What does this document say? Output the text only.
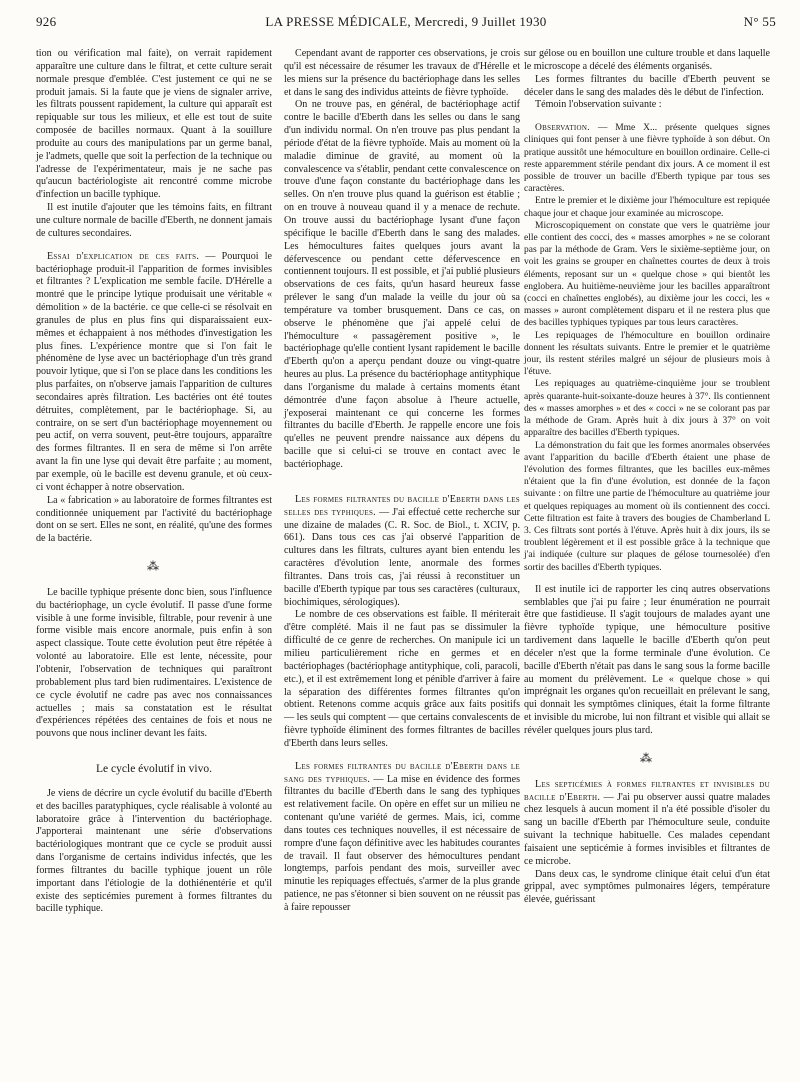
926	LA PRESSE MÉDICALE, Mercredi, 9 Juillet 1930	N° 55

tion ou vérification mal faite), on verrait rapidement apparaître une culture dans le filtrat, et cette culture serait normale presque d'emblée. C'est justement ce qui ne se produit jamais. Si la faute que je viens de signaler arrive, les filtrats poussent rapidement, la culture qui apparaît est repiquable sur tous les milieux, et elle est tout de suite composée de bacilles normaux. Quant à la souillure produite au cours des manipulations par un germe banal, je l'admets, quelle que soit la perfection de la technique ou l'adresse de l'expérimentateur, mais je ne sache pas qu'aucun bactériologiste ait rencontré comme microbe d'infection un bacille typhique.

Il est inutile d'ajouter que les témoins faits, en filtrant une culture normale de bacille d'Eberth, ne donnent jamais de cultures secondaires.

Essai d'explication de ces faits. — Pourquoi le bactériophage produit-il l'apparition de formes invisibles et filtrantes ? L'explication me semble facile. D'Hérelle a montré que le principe lytique produisait une véritable « démolition » de la bactérie. ce que celle-ci se résolvait en granules de plus en plus fins qui disparaissaient eux-mêmes et échappaient à nos méthodes d'investigation les plus fines. L'expérience montre que si l'on fait le phénomène de lyse avec un bactériophage d'un très grand pouvoir lytique, que si l'on se place dans les conditions les plus parfaites, on n'observe jamais l'apparition de cultures secondaires après filtration. Les bactéries ont été toutes détruites, complètement, par le bactériophage. Si, au contraire, on se sert d'un bactériophage moyennement ou peu actif, on verra souvent, peut-être toujours, apparaître des formes filtrantes. Il en sera de même si l'on arrête avant la fin une lyse qui devait être parfaite ; au moment, par exemple, où le bacille est devenu granule, et où ceux-ci vont échapper à notre observation.

La « fabrication » au laboratoire de formes filtrantes est conditionnée uniquement par l'activité du bactériophage dont on se sert. Elles ne sont, en réalité, qu'une des formes de la bactérie.

⁂

Le bacille typhique présente donc bien, sous l'influence du bactériophage, un cycle évolutif. Il passe d'une forme visible à une forme invisible, filtrable, pour revenir à une forme visible mais encore anormale, puis enfin à son aspect classique. Toute cette évolution peut être répétée à volonté au laboratoire. Elle est lente, nécessite, pour l'obtenir, l'observation de techniques qui paraîtront probablement plus tard bien rudimentaires. L'existence de ce cycle évolutif ne cadre pas avec nos connaissances actuelles ; mais sa constatation est le résultat d'expériences répétées des centaines de fois et nous ne pouvons que nous incliner devant les faits.

Le cycle évolutif in vivo.

Je viens de décrire un cycle évolutif du bacille d'Eberth et des bacilles paratyphiques, cycle réalisable à volonté au laboratoire grâce à l'intervention du bactériophage. J'apporterai maintenant une série d'observations bactériologiques montrant que ce cycle se produit aussi dans l'organisme de certains individus infectés, que les formes filtrantes du bacille typhique jouent un rôle important dans l'étiologie de la dothiénentérie et qu'il existe des septicémies purement à formes filtrantes du bacille typhique.

Cependant avant de rapporter ces observations, je crois qu'il est nécessaire de résumer les travaux de d'Hérelle et les miens sur la présence du bactériophage dans les selles et dans le sang des individus atteints de fièvre typhoïde.

On ne trouve pas, en général, de bactériophage actif contre le bacille d'Eberth dans les selles ou dans le sang d'un individu normal. On n'en trouve pas plus pendant la période d'état de la fièvre typhoïde. Mais au moment où la maladie diminue de gravité, au moment où la convalescence va s'établir, pendant cette convalescence on trouve d'une façon constante du bactériophage dans les selles. On n'en trouve plus quand la guérison est établie ; on en trouve à nouveau quand il y a menace de rechute. On trouve aussi du bactériophage lysant d'une façon spécifique le bacille d'Eberth dans le sang des malades. Les hémocultures faites quelques jours avant la défervescence ou pendant cette défervescence en contiennent toujours. Il est possible, et j'ai publié plusieurs observations de ces faits, qu'un hasard heureux fasse prélever le sang d'un malade la veille du jour où sa température va tomber brusquement. Dans ce cas, on observe le phénomène que j'ai appelé celui de l'hémoculture « passagèrement positive », le bactériophage qu'elle contient lysant rapidement le bacille d'Eberth qu'on a aperçu pendant douze ou vingt-quatre heures au plus. La présence du bactériophage antityphique dans l'organisme du malade à certains moments étant démontrée d'une façon absolue à l'heure actuelle, j'exposerai maintenant ce qui concerne les formes filtrantes du bacille d'Eberth. Je rappelle encore une fois qu'elles ne peuvent prendre naissance aux dépens du bacille que si celui-ci se trouve en contact avec le bactériophage.

Les formes filtrantes du bacille d'Eberth dans les selles des typhiques. — J'ai effectué cette recherche sur une dizaine de malades (C. R. Soc. de Biol., t. XCIV, p. 661). Dans tous ces cas j'ai observé l'apparition de cultures dans les filtrats, cultures ayant bien entendu les caractères d'évolution lente, anormale des formes filtrantes. Dans trois cas, j'ai réussi à reconstituer un bacille d'Eberth typique par tous ses caractères (culturaux, biochimiques, sérologiques).

Le nombre de ces observations est faible. Il mériterait d'être complété. Mais il ne faut pas se dissimuler la difficulté de ce genre de recherches. On manipule ici un milieu particulièrement riche en germes et en bactériophages (bactériophage antityphique, coli, paracoli, etc.), et il est extrêmement long et pénible d'arriver à faire la séparation des différentes formes filtrantes qu'on obtient. Retenons comme acquis grâce aux faits positifs — les seuls qui comptent — que certains convalescents de fièvre typhoïde éliminent des formes filtrantes de bacilles d'Eberth dans leurs selles.

Les formes filtrantes du bacille d'Eberth dans le sang des typhiques. — La mise en évidence des formes filtrantes du bacille d'Eberth dans le sang des typhiques est relativement facile. On opère en effet sur un milieu ne contenant qu'une variété de germes. Mais, ici, comme dans toutes ces techniques nouvelles, il est nécessaire de rompre d'une façon définitive avec les habitudes courantes de travail. Il faut observer des hémocultures pendant longtemps, parfois pendant des mois, surveiller avec minutie les repiquages effectués, s'armer de la plus grande patience, ne pas s'étonner si bien souvent on ne réussit pas à faire repousser

sur gélose ou en bouillon une culture trouble et dans laquelle le microscope a décelé des éléments organisés.

Les formes filtrantes du bacille d'Eberth peuvent se déceler dans le sang des malades dès le début de l'infection.

Témoin l'observation suivante :

Observation. — Mme X... présente quelques signes cliniques qui font penser à une fièvre typhoïde à son début. On pratique aussitôt une hémoculture en bouillon ordinaire. Celle-ci reste apparemment stérile pendant dix jours. A ce moment il est possible de trouver un bacille d'Eberth typique par tous ses caractères.

Entre le premier et le dixième jour l'hémoculture est repiquée chaque jour et chaque jour examinée au microscope.

Microscopiquement on constate que vers le quatrième jour elle contient des cocci, des « masses amorphes » ne se colorant pas par la méthode de Gram. Vers le sixième-septième jour, on voit les grains se grouper en chaînettes courtes de deux à trois éléments, reposant sur un « quelque chose » qui bientôt les englobera. Au huitième-neuvième jour les bacilles apparaîtront (cocci en chaînettes englobés), au dixième jour les cocci, les « masses » auront complètement disparu et il ne restera plus que des bacilles typhiques typiques par tous leurs caractères.

Les repiquages de l'hémoculture en bouillon ordinaire donnent les résultats suivants. Entre le premier et le quatrième jour, ils restent stériles malgré un séjour de plusieurs mois à l'étuve.

Les repiquages au quatrième-cinquième jour se troublent après quarante-huit-soixante-douze heures à 37°. Ils contiennent des « masses amorphes » et des « cocci » ne se colorant pas par la méthode de Gram. Après huit à dix jours à 37° on voit apparaître des bacilles d'Eberth typiques.

La démonstration du fait que les formes anormales observées avant l'apparition du bacille d'Eberth étaient une phase de l'évolution des formes filtrantes, que les bacilles eux-mêmes n'étaient que la fin d'une évolution, est donnée de la façon suivante : on filtre une partie de l'hémoculture au quatrième jour et quelques repiquages au moment où ils contiennent des cocci. Cette filtration est faite à travers des bougies de Chamberland L 3. Ces filtrats sont portés à l'étuve. Après huit à dix jours, ils se troublent légèrement et il est possible grâce à la technique que j'ai indiquée (culture sur plaques de gélose tournesolée) d'en sortir des bacilles d'Eberth typiques.

Il est inutile ici de rapporter les cinq autres observations semblables que j'ai pu faire ; leur énumération ne pourrait être que fastidieuse. Il s'agit toujours de malades ayant une fièvre typhoïde typique, une hémoculture positive tardivement dans laquelle le bacille d'Eberth qu'on peut déceler n'est que la forme terminale d'une évolution. Ce bacille d'Eberth n'était pas dans le sang sous la forme bacille au moment du prélèvement. Le « quelque chose » qui imprégnait les organes qu'on recueillait en prélevant le sang, qui donnait les symptômes cliniques, était la forme filtrante et invisible du microbe, lui non filtrant et visible qui allait se révéler quelques jours plus tard.

⁂

Les septicémies à formes filtrantes et invisibles du bacille d'Eberth. — J'ai pu observer aussi quatre malades chez lesquels à aucun moment il n'a été possible d'isoler du sang un bacille d'Eberth par l'hémoculture seule, conduite suivant la technique habituelle. Ces malades cependant faisaient une septicémie à formes invisibles et filtrantes de ce microbe.

Dans deux cas, le syndrome clinique était celui d'un état grippal, avec symptômes pulmonaires légers, température élevée, guérissant
